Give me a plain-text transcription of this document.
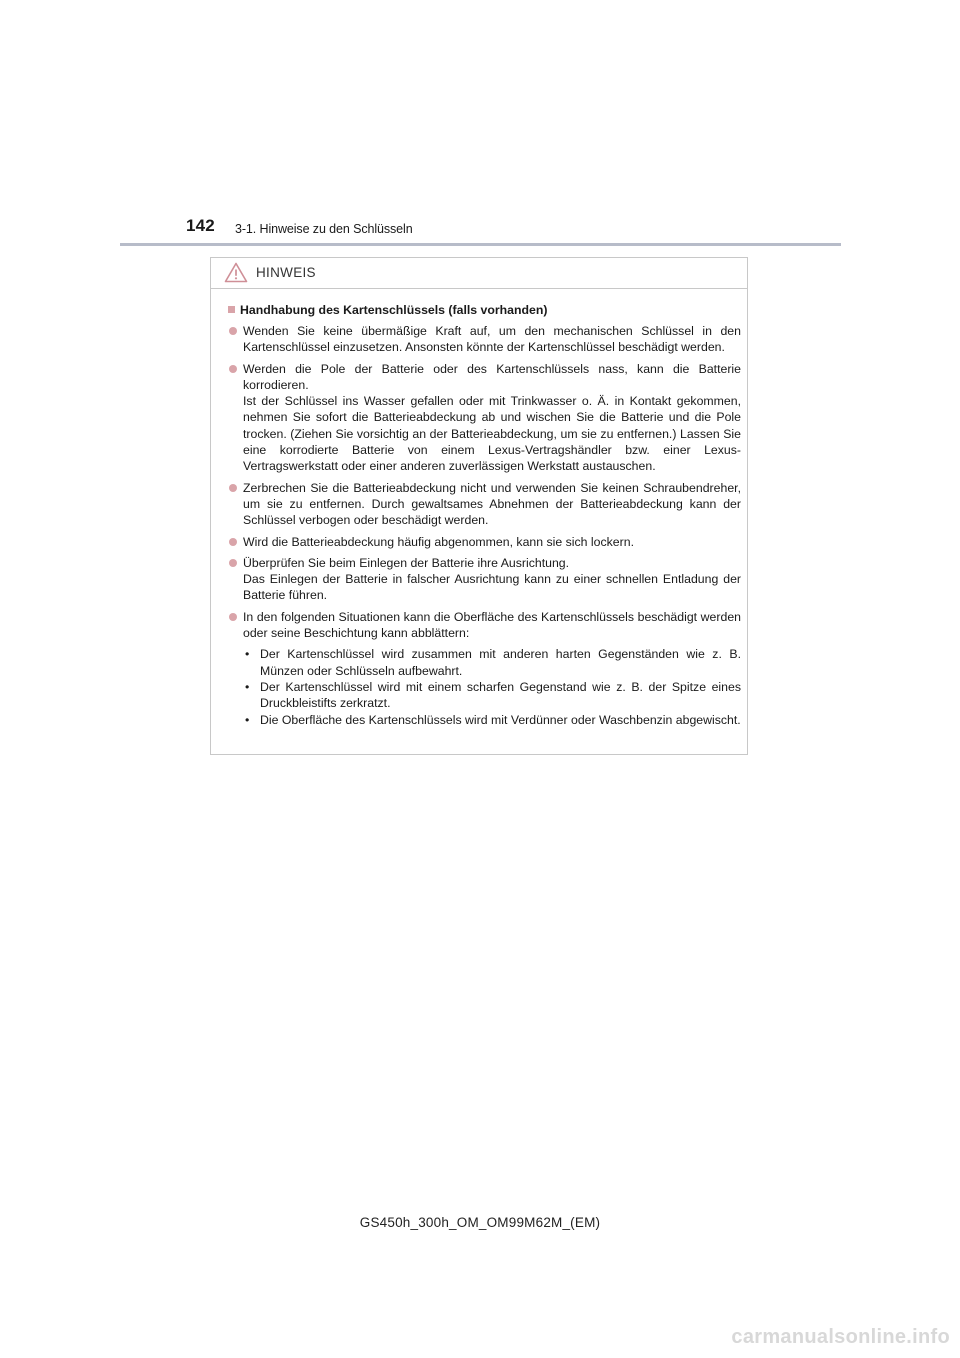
142 3-1. Hinweise zu den Schlüsseln
HINWEIS
Handhabung des Kartenschlüssels (falls vorhanden)
Wenden Sie keine übermäßige Kraft auf, um den mechanischen Schlüssel in den Kartenschlüssel einzusetzen. Ansonsten könnte der Kartenschlüssel beschädigt werden.
Werden die Pole der Batterie oder des Kartenschlüssels nass, kann die Batterie korrodieren.
Ist der Schlüssel ins Wasser gefallen oder mit Trinkwasser o. Ä. in Kontakt gekommen, nehmen Sie sofort die Batterieabdeckung ab und wischen Sie die Batterie und die Pole trocken. (Ziehen Sie vorsichtig an der Batterieabdeckung, um sie zu entfernen.) Lassen Sie eine korrodierte Batterie von einem Lexus-Vertragshändler bzw. einer Lexus-Vertragswerkstatt oder einer anderen zuverlässigen Werkstatt austauschen.
Zerbrechen Sie die Batterieabdeckung nicht und verwenden Sie keinen Schraubendreher, um sie zu entfernen. Durch gewaltsames Abnehmen der Batterieabdeckung kann der Schlüssel verbogen oder beschädigt werden.
Wird die Batterieabdeckung häufig abgenommen, kann sie sich lockern.
Überprüfen Sie beim Einlegen der Batterie ihre Ausrichtung.
Das Einlegen der Batterie in falscher Ausrichtung kann zu einer schnellen Entladung der Batterie führen.
In den folgenden Situationen kann die Oberfläche des Kartenschlüssels beschädigt werden oder seine Beschichtung kann abblättern:
• Der Kartenschlüssel wird zusammen mit anderen harten Gegenständen wie z. B. Münzen oder Schlüsseln aufbewahrt.
• Der Kartenschlüssel wird mit einem scharfen Gegenstand wie z. B. der Spitze eines Druckbleistifts zerkratzt.
• Die Oberfläche des Kartenschlüssels wird mit Verdünner oder Waschbenzin abgewischt.
GS450h_300h_OM_OM99M62M_(EM)
carmanualsonline.info
